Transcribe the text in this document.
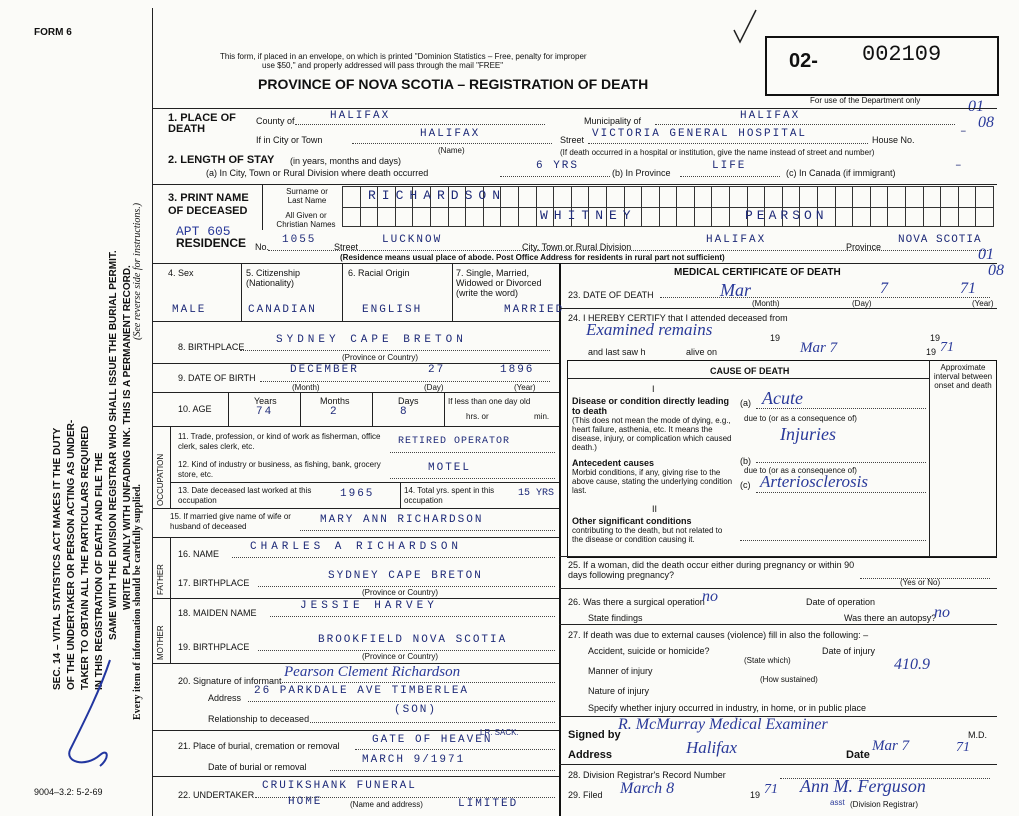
FORM 6
SEC. 14 – VITAL STATISTICS ACT MAKES IT THE DUTY OF THE UNDERTAKER OR PERSON ACTING AS UNDER- TAKER TO OBTAIN ALL THE PARTICULARS REQUIRED IN THIS REGISTRATION OF DEATH AND FILE THE SAME WITH THE DIVISION REGISTRAR WHO SHALL ISSUE THE BURIAL PERMIT. WRITE PLAINLY WITH UNFADING INK. THIS IS A PERMANENT RECORD. (See reverse side for instructions.)
Every item of information should be carefully supplied.
9004–3.2: 5-2-69
This form, if placed in an envelope, on which is printed "Dominion Statistics – Free, penalty for improper
use $50," and properly addressed will pass through the mail "FREE"
PROVINCE OF NOVA SCOTIA – REGISTRATION OF DEATH
02- 002109
For use of the Department only	01
08
1. PLACE OF DEATH
County of	HALIFAX	Municipality of	HALIFAX
If in City or Town	HALIFAX
(Name)
Street VICTORIA GENERAL HOSPITAL	House No.
–
(If death occurred in a hospital or institution, give the name instead of street and number)
2. LENGTH OF STAY (in years, months and days)
(a) In City, Town or Rural Division where death occurred
6 YRS
(b) In Province
LIFE
(c) In Canada (if immigrant)
–
3. PRINT NAME OF DECEASED
Surname or Last Name
All Given or Christian Names
RICHARDSON
WHITNEY	PEARSON
APT 605
RESIDENCE No.
1055
Street
LUCKNOW
City, Town or Rural Division
HALIFAX
Province
NOVA SCOTIA
(Residence means usual place of abode. Post Office Address for residents in rural part not sufficient)
4. Sex	5. Citizenship (Nationality)
6. Racial Origin	7. Single, Married, Widowed or Divorced (write the word)
MALE	CANADIAN	ENGLISH	MARRIED
8. BIRTHPLACE
SYDNEY CAPE BRETON
(Province or Country)
9. DATE OF BIRTH
DECEMBER	27	1896
(Month)	(Day)	(Year)
10. AGE
Years	Months	Days
74	2	8
If less than one day old
hrs. or	min.
OCCUPATION
11. Trade, profession, or kind of work as fisherman, office clerk, sales clerk, etc.	RETIRED OPERATOR
12. Kind of industry or business, as fishing, bank, grocery store, etc.
MOTEL
13. Date deceased last worked at this occupation
1965	14. Total yrs. spent in this occupation
15 YRS
15. If married give name of wife or husband of deceased
MARY ANN RICHARDSON
FATHER
MOTHER
16. NAME
CHARLES A RICHARDSON
17. BIRTHPLACE
SYDNEY CAPE BRETON
(Province or Country)
18. MAIDEN NAME
JESSIE HARVEY
19. BIRTHPLACE
BROOKFIELD NOVA SCOTIA
(Province or Country)
20. Signature of informant
Pearson Clement Richardson
Address
26 PARKDALE AVE TIMBERLEA
(SON)
Relationship to deceased
21. Place of burial, cremation or removal	GATE OF HEAVEN
LR. SACK.
Date of burial or removal
MARCH 9/1971
22. UNDERTAKER
CRUIKSHANK FUNERAL
HOME	(Name and address)	LIMITED
MEDICAL CERTIFICATE OF DEATH
01
08
23. DATE OF DEATH	Mar	7	71
(Month)	(Day)	(Year)
24. I HEREBY CERTIFY that I attended deceased from
Examined remains	19	19
and last saw h	alive on	Mar 7	19 71
CAUSE OF DEATH	Approximate interval between onset and death
I
Disease or condition directly leading to death
(This does not mean the mode of dying, e.g., heart failure, asthenia, etc. It means the disease, injury, or complication which caused death.)
(a) Acute
due to (or as a consequence of)
Injuries
Antecedent causes
Morbid conditions, if any, giving rise to the above cause, stating the underlying condition last.
(b)
due to (or as a consequence of)
(c) Arteriosclerosis
II
Other significant conditions
contributing to the death, but not related to the disease or condition causing it.
25. If a woman, did the death occur either during pregnancy or within 90 days following pregnancy?
(Yes or No)
26. Was there a surgical operation
no	Date of operation
State findings	Was there an autopsy?
no
27. If death was due to external causes (violence) fill in also the following: –
Accident, suicide or homicide?	Date of injury
(State which)
Manner of injury	410.9
(How sustained)
Nature of injury
Specify whether injury occurred in industry, in home, or in public place
Signed by
R. McMurray Medical Examiner
M.D.
Address	Halifax	Date
Mar 7	71
28. Division Registrar's Record Number
29. Filed March 8	19 71 Ann M. Ferguson
asst (Division Registrar)
